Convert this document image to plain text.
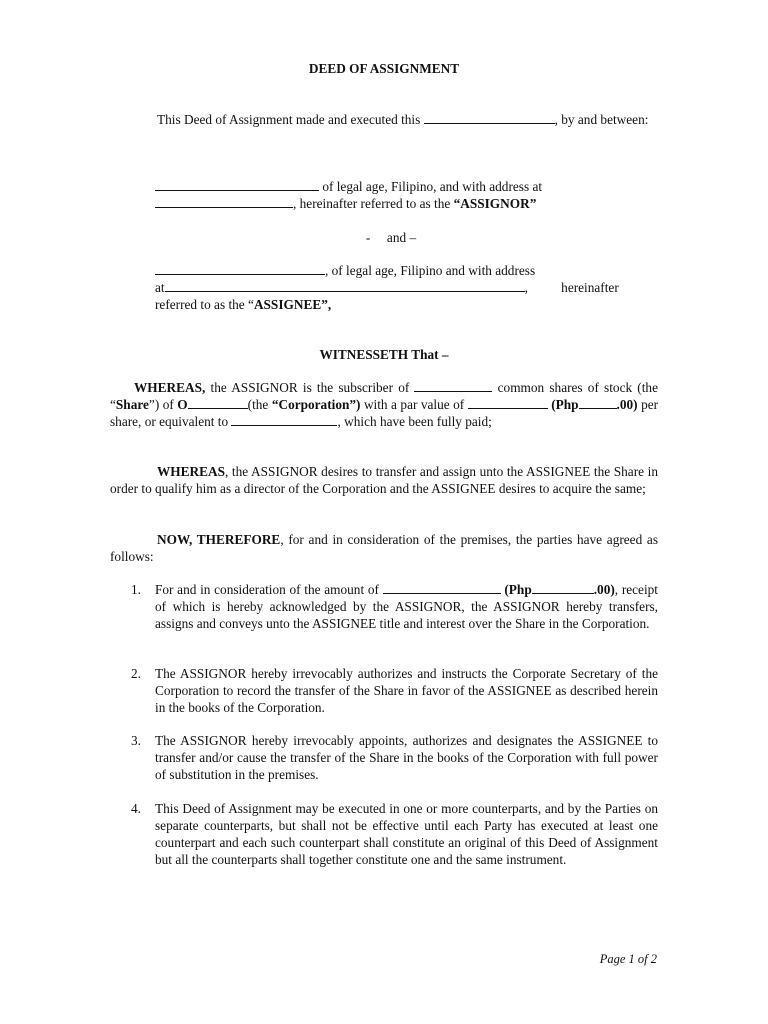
DEED OF ASSIGNMENT

This Deed of Assignment made and executed this	, by and between:

of legal age, Filipino, and with address at

, hereinafter referred to as the “ASSIGNOR”

-     and –

, of legal age, Filipino and with address

at	,          hereinafter

referred to as the “ASSIGNEE”,

WITNESSETH That –

WHEREAS, the ASSIGNOR is the subscriber of	common shares of stock (the “Share”) of O	(the “Corporation”) with a par value of	(Php	.00) per share, or equivalent to	, which have been fully paid;

WHEREAS, the ASSIGNOR desires to transfer and assign unto the ASSIGNEE the Share in order to qualify him as a director of the Corporation and the ASSIGNEE desires to acquire the same;

NOW, THEREFORE, for and in consideration of the premises, the parties have agreed as follows:

1. For and in consideration of the amount of	(Php	.00), receipt of which is hereby acknowledged by the ASSIGNOR, the ASSIGNOR hereby transfers, assigns and conveys unto the ASSIGNEE title and interest over the Share in the Corporation.
2. The ASSIGNOR hereby irrevocably authorizes and instructs the Corporate Secretary of the Corporation to record the transfer of the Share in favor of the ASSIGNEE as described herein in the books of the Corporation.
3. The ASSIGNOR hereby irrevocably appoints, authorizes and designates the ASSIGNEE to transfer and/or cause the transfer of the Share in the books of the Corporation with full power of substitution in the premises.
4. This Deed of Assignment may be executed in one or more counterparts, and by the Parties on separate counterparts, but shall not be effective until each Party has executed at least one counterpart and each such counterpart shall constitute an original of this Deed of Assignment but all the counterparts shall together constitute one and the same instrument.
Page 1 of 2
